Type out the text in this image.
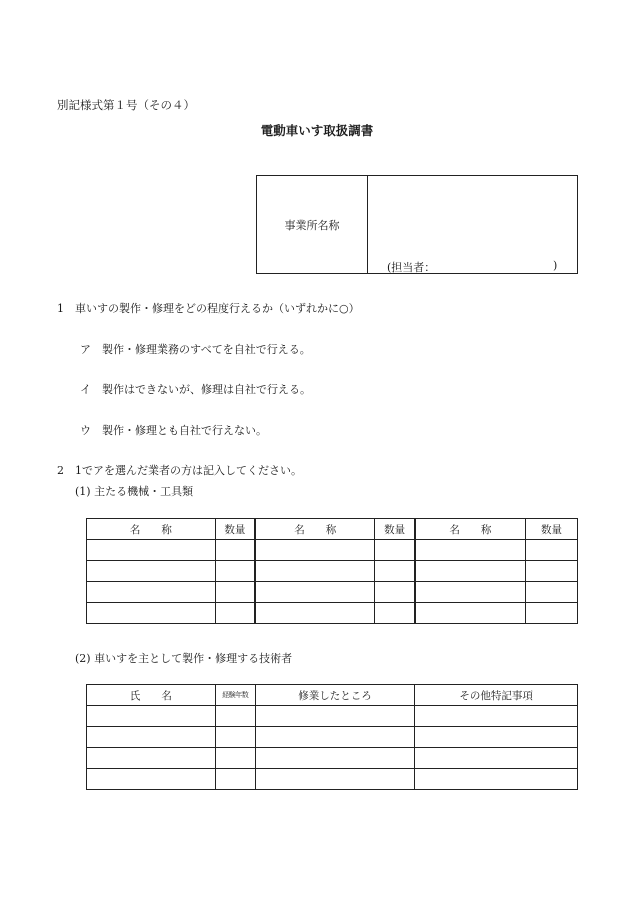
別記様式第１号（その４）
電動車いす取扱調書
事業所名称
(担当者：	)
1　車いすの製作・修理をどの程度行えるか（いずれかに○）
ア　製作・修理業務のすべてを自社で行える。
イ　製作はできないが、修理は自社で行える。
ウ　製作・修理とも自社で行えない。
2　1でアを選んだ業者の方は記入してください。
(1) 主たる機械・工具類
名　　称	数量	名　　称	数量	名　　称	数量

(2) 車いすを主として製作・修理する技術者
氏　　名	経験年数	修業したところ	その他特記事項
